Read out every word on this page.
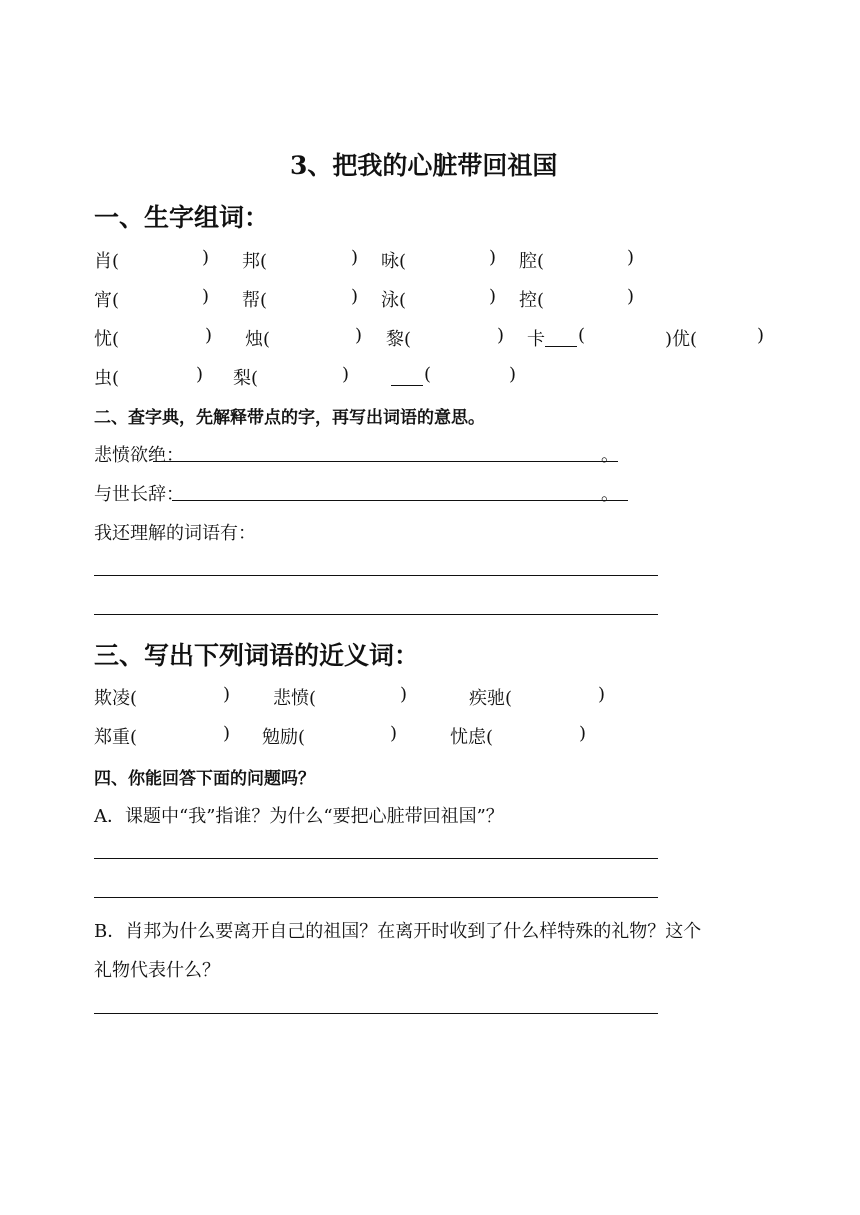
3、把我的心脏带回祖国
一、生字组词：
肖(	) 邦(	) 咏(	) 腔(	)
宵(	) 帮(	) 泳(	) 控(	)
忧(	) 烛(	) 黎(	) 卡 (	)优(	)
虫(	) 梨(	)	(	)
二、查字典，先解释带点的字，再写出词语的意思。
悲愤欲绝：	。
与世长辞：	。
我还理解的词语有：
三、写出下列词语的近义词：
欺凌(	) 悲愤(	)	疾驰(	)
郑重(	) 勉励(	)	忧虑(	)
四、你能回答下面的问题吗？
A．课题中“我”指谁？为什么“要把心脏带回祖国”？
B．肖邦为什么要离开自己的祖国？在离开时收到了什么样特殊的礼物？这个
礼物代表什么？
